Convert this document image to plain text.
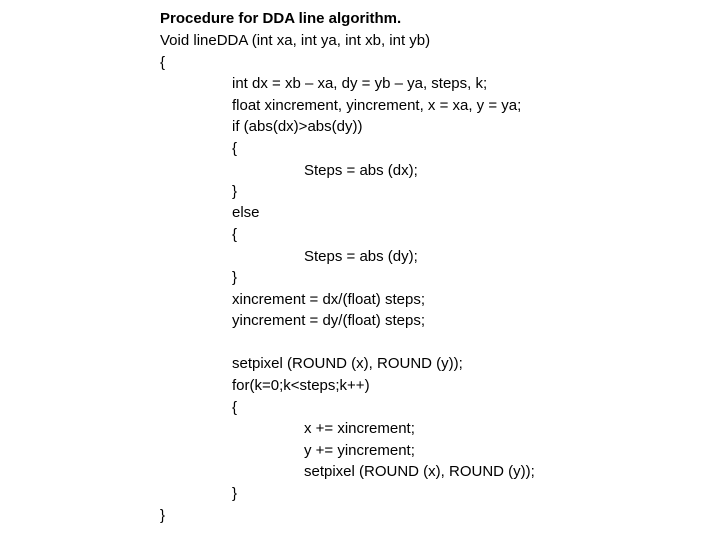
Procedure for DDA line algorithm.
Void lineDDA (int xa, int ya, int xb, int yb)
{
int dx = xb – xa, dy = yb – ya, steps, k;
float xincrement, yincrement, x = xa, y = ya;
if (abs(dx)>abs(dy))
{
Steps = abs (dx);
}
else
{
Steps = abs (dy);
}
xincrement = dx/(float) steps;
yincrement = dy/(float) steps;
setpixel (ROUND (x), ROUND (y));
for(k=0;k<steps;k++)
{
x += xincrement;
y += yincrement;
setpixel (ROUND (x), ROUND (y));
}
}
